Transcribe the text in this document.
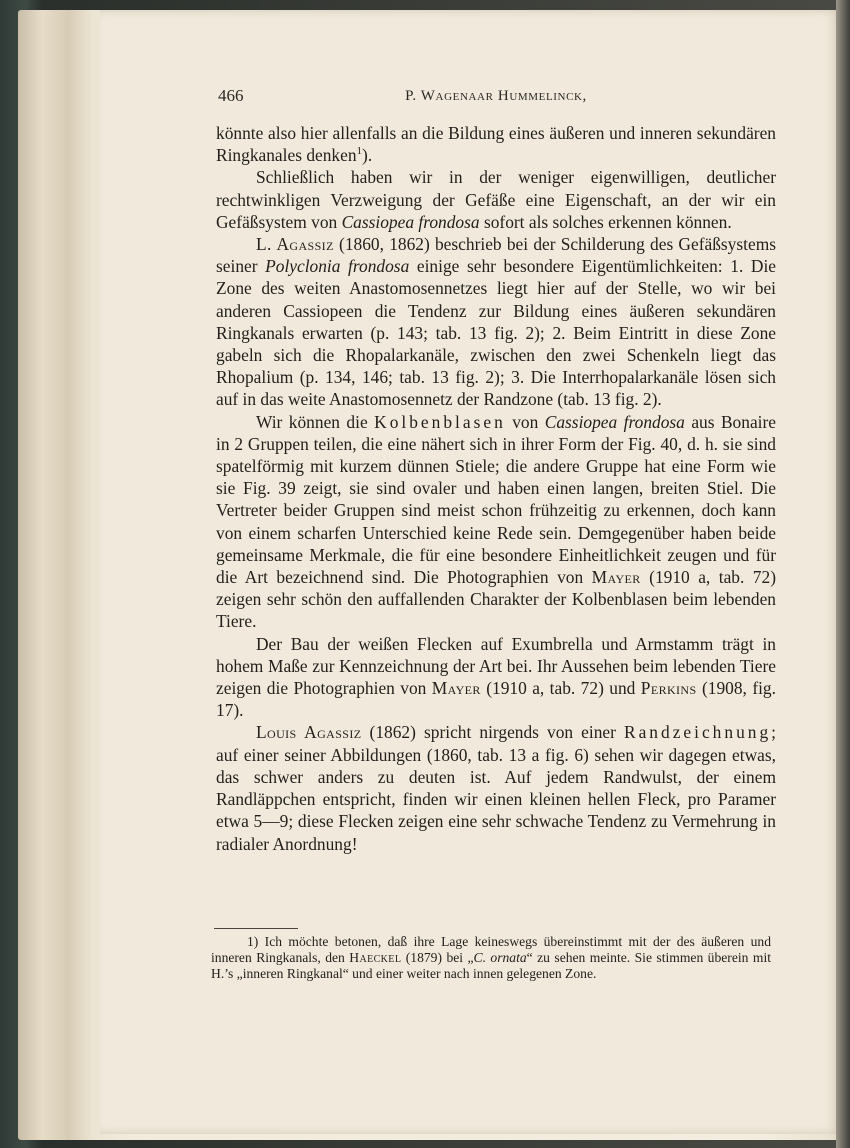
466	P. Wagenaar Hummelinck,

könnte also hier allenfalls an die Bildung eines äußeren und inneren sekundären Ringkanales denken$^1$).

Schließlich haben wir in der weniger eigenwilligen, deutlicher rechtwinkligen Verzweigung der Gefäße eine Eigenschaft, an der wir ein Gefäßsystem von Cassiopea frondosa sofort als solches erkennen können.

L. Agassiz (1860, 1862) beschrieb bei der Schilderung des Gefäßsystems seiner Polyclonia frondosa einige sehr besondere Eigentümlichkeiten: 1. Die Zone des weiten Anastomosennetzes liegt hier auf der Stelle, wo wir bei anderen Cassiopeen die Tendenz zur Bildung eines äußeren sekundären Ringkanals erwarten (p. 143; tab. 13 fig. 2); 2. Beim Eintritt in diese Zone gabeln sich die Rhopalarkanäle, zwischen den zwei Schenkeln liegt das Rhopalium (p. 134, 146; tab. 13 fig. 2); 3. Die Interrhopalarkanäle lösen sich auf in das weite Anastomosennetz der Randzone (tab. 13 fig. 2).

Wir können die Kolbenblasen von Cassiopea frondosa aus Bonaire in 2 Gruppen teilen, die eine nähert sich in ihrer Form der Fig. 40, d. h. sie sind spatelförmig mit kurzem dünnen Stiele; die andere Gruppe hat eine Form wie sie Fig. 39 zeigt, sie sind ovaler und haben einen langen, breiten Stiel. Die Vertreter beider Gruppen sind meist schon frühzeitig zu erkennen, doch kann von einem scharfen Unterschied keine Rede sein. Demgegenüber haben beide gemeinsame Merkmale, die für eine besondere Einheitlichkeit zeugen und für die Art bezeichnend sind. Die Photographien von Mayer (1910 a, tab. 72) zeigen sehr schön den auffallenden Charakter der Kolbenblasen beim lebenden Tiere.

Der Bau der weißen Flecken auf Exumbrella und Armstamm trägt in hohem Maße zur Kennzeichnung der Art bei. Ihr Aussehen beim lebenden Tiere zeigen die Photographien von Mayer (1910 a, tab. 72) und Perkins (1908, fig. 17).

Louis Agassiz (1862) spricht nirgends von einer Randzeichnung; auf einer seiner Abbildungen (1860, tab. 13 a fig. 6) sehen wir dagegen etwas, das schwer anders zu deuten ist. Auf jedem Randwulst, der einem Randläppchen entspricht, finden wir einen kleinen hellen Fleck, pro Paramer etwa 5—9; diese Flecken zeigen eine sehr schwache Tendenz zu Vermehrung in radialer Anordnung!

1) Ich möchte betonen, daß ihre Lage keineswegs übereinstimmt mit der des äußeren und inneren Ringkanals, den Haeckel (1879) bei „C. ornata“ zu sehen meinte. Sie stimmen überein mit H.’s „inneren Ringkanal“ und einer weiter nach innen gelegenen Zone.
